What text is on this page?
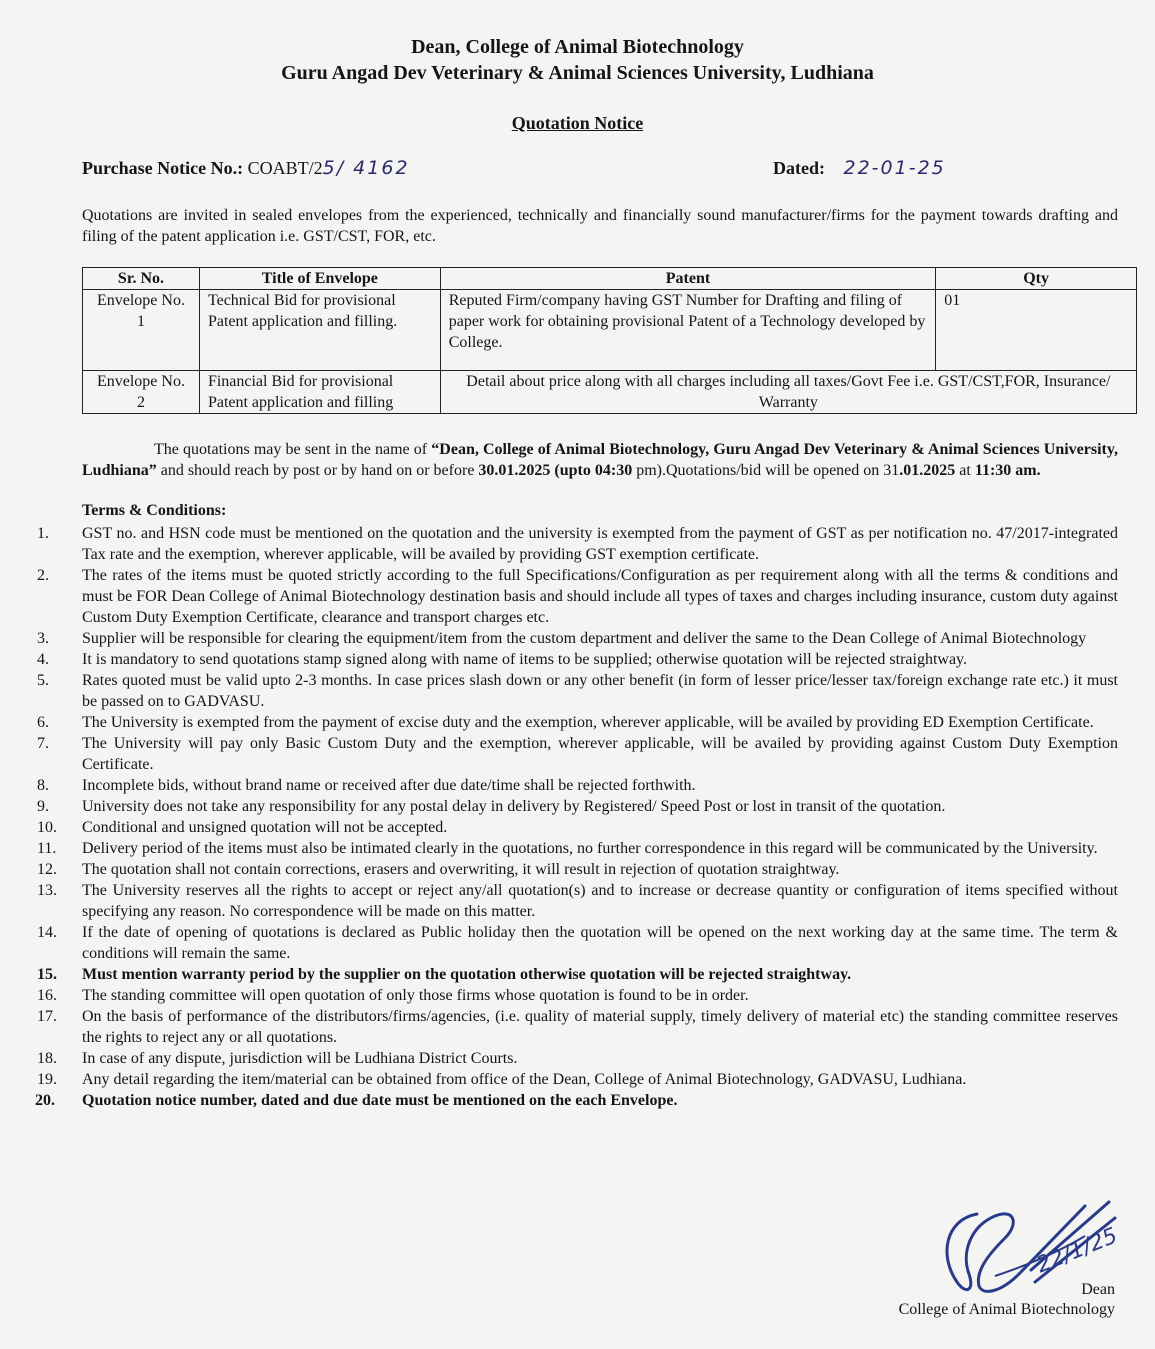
Dean, College of Animal Biotechnology
Guru Angad Dev Veterinary & Animal Sciences University, Ludhiana
Quotation Notice
Purchase Notice No.: COABT/25/ 4162	Dated: 22-01-25
Quotations are invited in sealed envelopes from the experienced, technically and financially sound manufacturer/firms for the payment towards drafting and filing of the patent application i.e. GST/CST, FOR, etc.
Sr. No.	Title of Envelope	Patent	Qty
Envelope No. 1	Technical Bid for provisional Patent application and filling.	Reputed Firm/company having GST Number for Drafting and filing of paper work for obtaining provisional Patent of a Technology developed by College.	01
Envelope No. 2	Financial Bid for provisional Patent application and filling	Detail about price along with all charges including all taxes/Govt Fee i.e. GST/CST,FOR, Insurance/ Warranty	
The quotations may be sent in the name of “Dean, College of Animal Biotechnology, Guru Angad Dev Veterinary & Animal Sciences University, Ludhiana” and should reach by post or by hand on or before 30.01.2025 (upto 04:30 pm).Quotations/bid will be opened on 31.01.2025 at 11:30 am.
Terms & Conditions:
1. GST no. and HSN code must be mentioned on the quotation and the university is exempted from the payment of GST as per notification no. 47/2017-integrated Tax rate and the exemption, wherever applicable, will be availed by providing GST exemption certificate.
2. The rates of the items must be quoted strictly according to the full Specifications/Configuration as per requirement along with all the terms & conditions and must be FOR Dean College of Animal Biotechnology destination basis and should include all types of taxes and charges including insurance, custom duty against Custom Duty Exemption Certificate, clearance and transport charges etc.
3. Supplier will be responsible for clearing the equipment/item from the custom department and deliver the same to the Dean College of Animal Biotechnology
4. It is mandatory to send quotations stamp signed along with name of items to be supplied; otherwise quotation will be rejected straightway.
5. Rates quoted must be valid upto 2-3 months. In case prices slash down or any other benefit (in form of lesser price/lesser tax/foreign exchange rate etc.) it must be passed on to GADVASU.
6. The University is exempted from the payment of excise duty and the exemption, wherever applicable, will be availed by providing ED Exemption Certificate.
7. The University will pay only Basic Custom Duty and the exemption, wherever applicable, will be availed by providing against Custom Duty Exemption Certificate.
8. Incomplete bids, without brand name or received after due date/time shall be rejected forthwith.
9. University does not take any responsibility for any postal delay in delivery by Registered/ Speed Post or lost in transit of the quotation.
10. Conditional and unsigned quotation will not be accepted.
11. Delivery period of the items must also be intimated clearly in the quotations, no further correspondence in this regard will be communicated by the University.
12. The quotation shall not contain corrections, erasers and overwriting, it will result in rejection of quotation straightway.
13. The University reserves all the rights to accept or reject any/all quotation(s) and to increase or decrease quantity or configuration of items specified without specifying any reason. No correspondence will be made on this matter.
14. If the date of opening of quotations is declared as Public holiday then the quotation will be opened on the next working day at the same time. The term & conditions will remain the same.
15. Must mention warranty period by the supplier on the quotation otherwise quotation will be rejected straightway.
16. The standing committee will open quotation of only those firms whose quotation is found to be in order.
17. On the basis of performance of the distributors/firms/agencies, (i.e. quality of material supply, timely delivery of material etc) the standing committee reserves the rights to reject any or all quotations.
18. In case of any dispute, jurisdiction will be Ludhiana District Courts.
19. Any detail regarding the item/material can be obtained from office of the Dean, College of Animal Biotechnology, GADVASU, Ludhiana.
20. Quotation notice number, dated and due date must be mentioned on the each Envelope.
22/1/25
Dean
College of Animal Biotechnology
